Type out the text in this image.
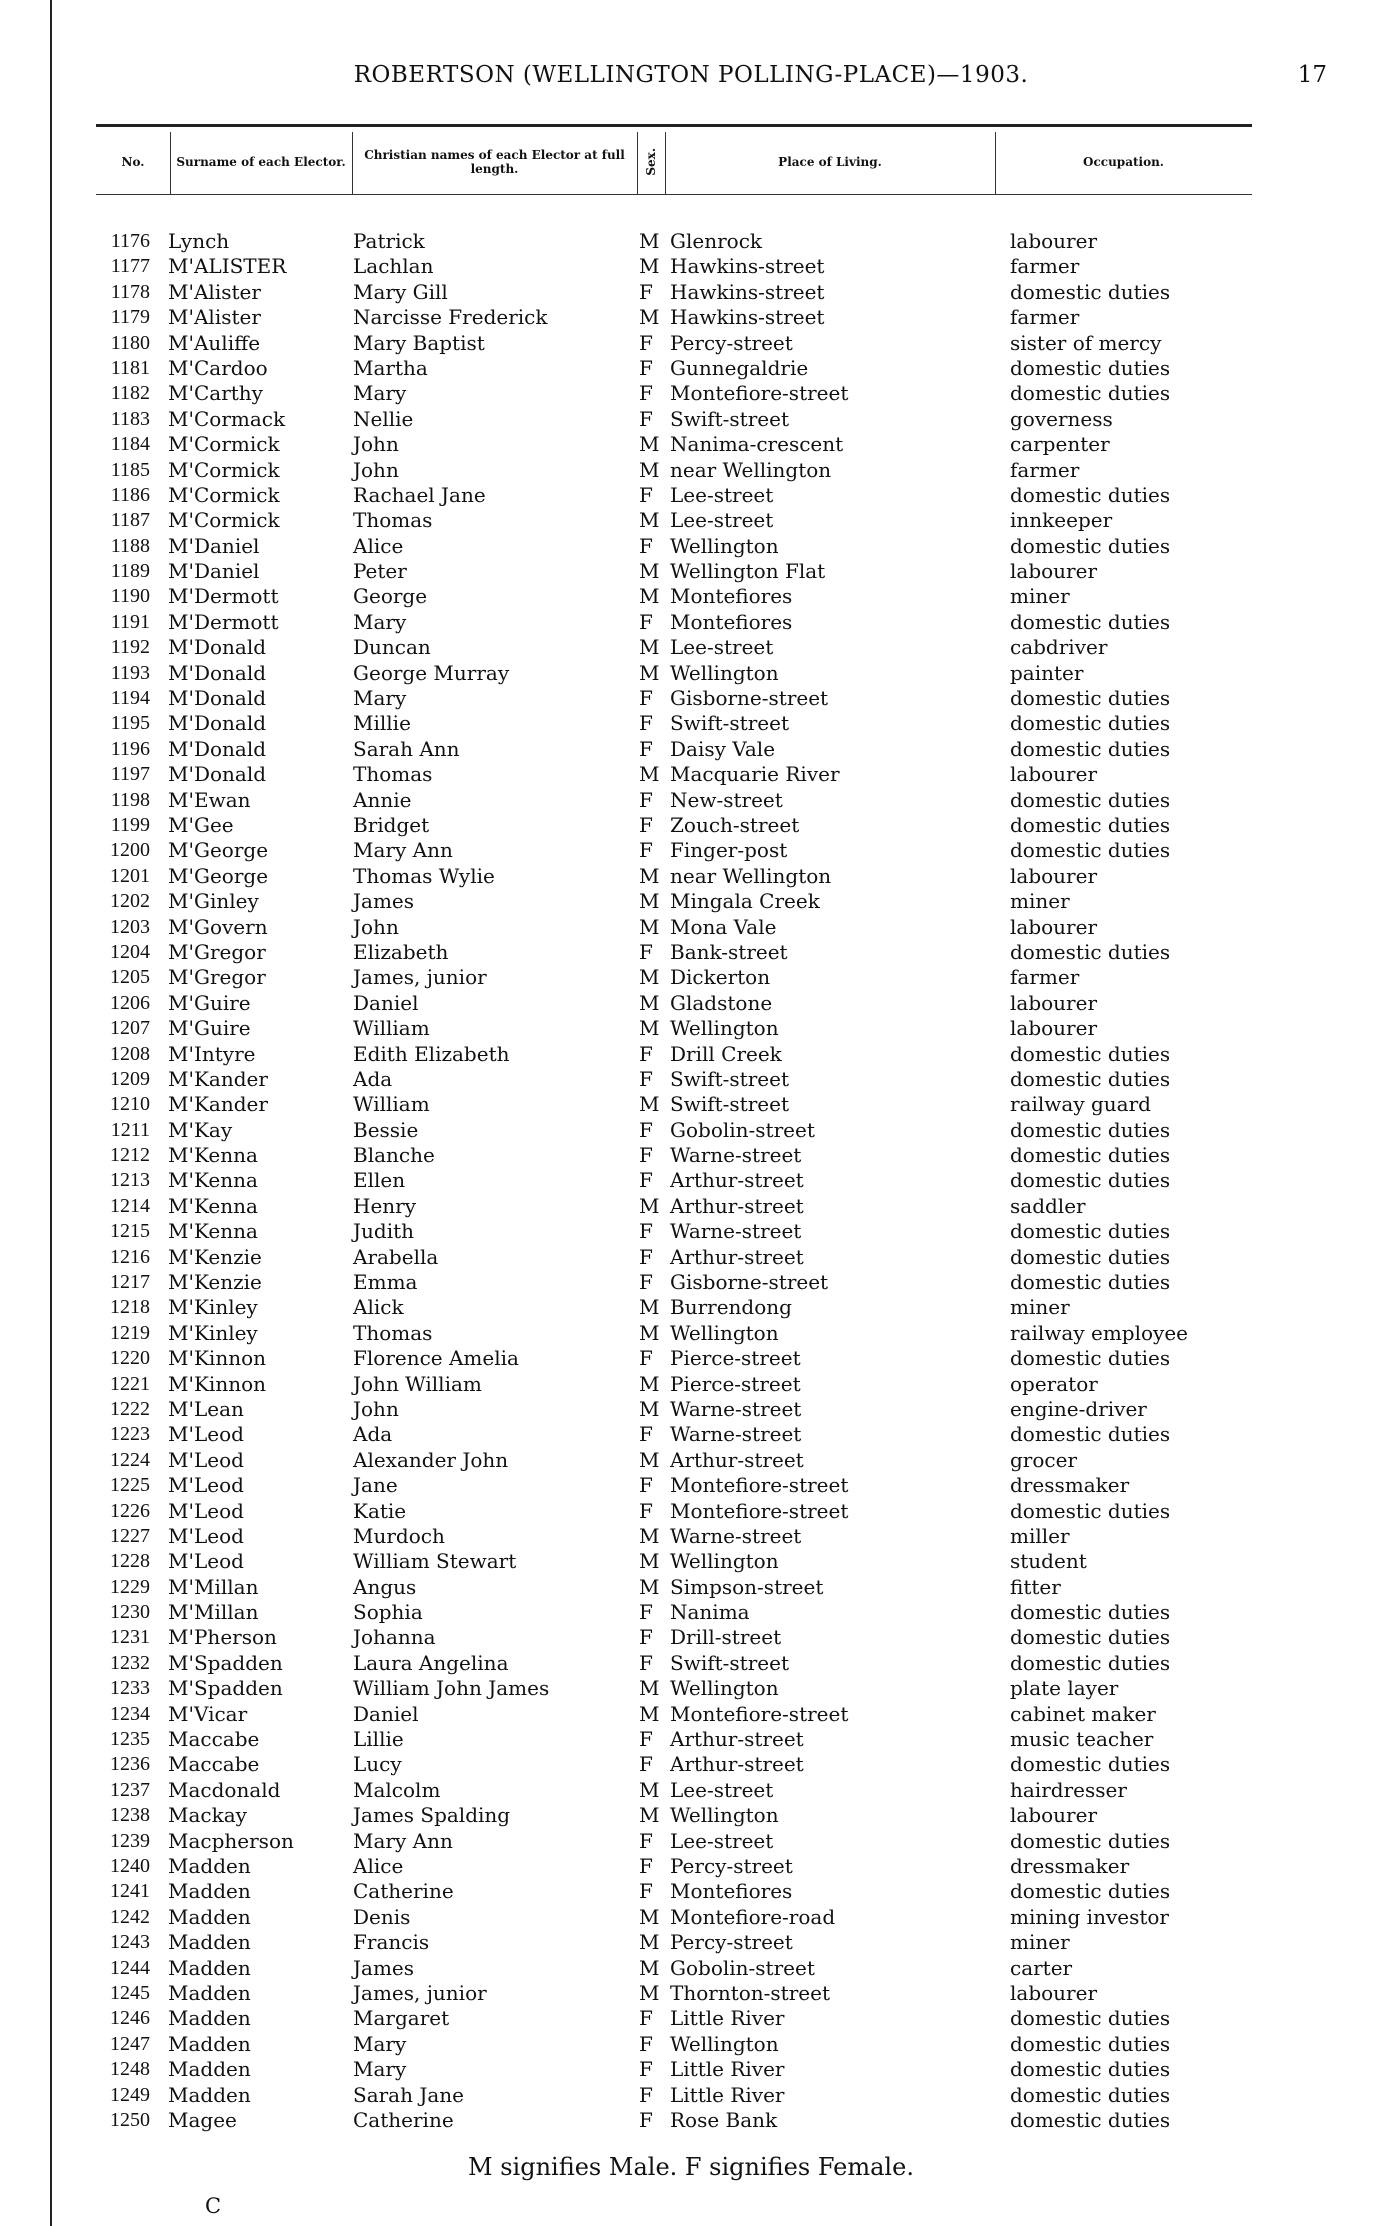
ROBERTSON (WELLINGTON POLLING-PLACE)—1903.	17
No.	Surname of each Elector.	Christian names of each Elector at full length.	Sex.	Place of Living.	Occupation.
1176 Lynch	Patrick	M Glenrock	labourer
1177 M'ALISTER	Lachlan	M Hawkins-street	farmer
1178 M'Alister	Mary Gill	F Hawkins-street	domestic duties
1179 M'Alister	Narcisse Frederick	M Hawkins-street	farmer
1180 M'Auliffe	Mary Baptist	F Percy-street	sister of mercy
1181 M'Cardoo	Martha	F Gunnegaldrie	domestic duties
1182 M'Carthy	Mary	F Montefiore-street	domestic duties
1183 M'Cormack	Nellie	F Swift-street	governess
1184 M'Cormick	John	M Nanima-crescent	carpenter
1185 M'Cormick	John	M near Wellington	farmer
1186 M'Cormick	Rachael Jane	F Lee-street	domestic duties
1187 M'Cormick	Thomas	M Lee-street	innkeeper
1188 M'Daniel	Alice	F Wellington	domestic duties
1189 M'Daniel	Peter	M Wellington Flat	labourer
1190 M'Dermott	George	M Montefiores	miner
1191 M'Dermott	Mary	F Montefiores	domestic duties
1192 M'Donald	Duncan	M Lee-street	cabdriver
1193 M'Donald	George Murray	M Wellington	painter
1194 M'Donald	Mary	F Gisborne-street	domestic duties
1195 M'Donald	Millie	F Swift-street	domestic duties
1196 M'Donald	Sarah Ann	F Daisy Vale	domestic duties
1197 M'Donald	Thomas	M Macquarie River	labourer
1198 M'Ewan	Annie	F New-street	domestic duties
1199 M'Gee	Bridget	F Zouch-street	domestic duties
1200 M'George	Mary Ann	F Finger-post	domestic duties
1201 M'George	Thomas Wylie	M near Wellington	labourer
1202 M'Ginley	James	M Mingala Creek	miner
1203 M'Govern	John	M Mona Vale	labourer
1204 M'Gregor	Elizabeth	F Bank-street	domestic duties
1205 M'Gregor	James, junior	M Dickerton	farmer
1206 M'Guire	Daniel	M Gladstone	labourer
1207 M'Guire	William	M Wellington	labourer
1208 M'Intyre	Edith Elizabeth	F Drill Creek	domestic duties
1209 M'Kander	Ada	F Swift-street	domestic duties
1210 M'Kander	William	M Swift-street	railway guard
1211 M'Kay	Bessie	F Gobolin-street	domestic duties
1212 M'Kenna	Blanche	F Warne-street	domestic duties
1213 M'Kenna	Ellen	F Arthur-street	domestic duties
1214 M'Kenna	Henry	M Arthur-street	saddler
1215 M'Kenna	Judith	F Warne-street	domestic duties
1216 M'Kenzie	Arabella	F Arthur-street	domestic duties
1217 M'Kenzie	Emma	F Gisborne-street	domestic duties
1218 M'Kinley	Alick	M Burrendong	miner
1219 M'Kinley	Thomas	M Wellington	railway employee
1220 M'Kinnon	Florence Amelia	F Pierce-street	domestic duties
1221 M'Kinnon	John William	M Pierce-street	operator
1222 M'Lean	John	M Warne-street	engine-driver
1223 M'Leod	Ada	F Warne-street	domestic duties
1224 M'Leod	Alexander John	M Arthur-street	grocer
1225 M'Leod	Jane	F Montefiore-street	dressmaker
1226 M'Leod	Katie	F Montefiore-street	domestic duties
1227 M'Leod	Murdoch	M Warne-street	miller
1228 M'Leod	William Stewart	M Wellington	student
1229 M'Millan	Angus	M Simpson-street	fitter
1230 M'Millan	Sophia	F Nanima	domestic duties
1231 M'Pherson	Johanna	F Drill-street	domestic duties
1232 M'Spadden	Laura Angelina	F Swift-street	domestic duties
1233 M'Spadden	William John James	M Wellington	plate layer
1234 M'Vicar	Daniel	M Montefiore-street	cabinet maker
1235 Maccabe	Lillie	F Arthur-street	music teacher
1236 Maccabe	Lucy	F Arthur-street	domestic duties
1237 Macdonald	Malcolm	M Lee-street	hairdresser
1238 Mackay	James Spalding	M Wellington	labourer
1239 Macpherson	Mary Ann	F Lee-street	domestic duties
1240 Madden	Alice	F Percy-street	dressmaker
1241 Madden	Catherine	F Montefiores	domestic duties
1242 Madden	Denis	M Montefiore-road	mining investor
1243 Madden	Francis	M Percy-street	miner
1244 Madden	James	M Gobolin-street	carter
1245 Madden	James, junior	M Thornton-street	labourer
1246 Madden	Margaret	F Little River	domestic duties
1247 Madden	Mary	F Wellington	domestic duties
1248 Madden	Mary	F Little River	domestic duties
1249 Madden	Sarah Jane	F Little River	domestic duties
1250 Magee	Catherine	F Rose Bank	domestic duties
M signifies Male. F signifies Female.
C
